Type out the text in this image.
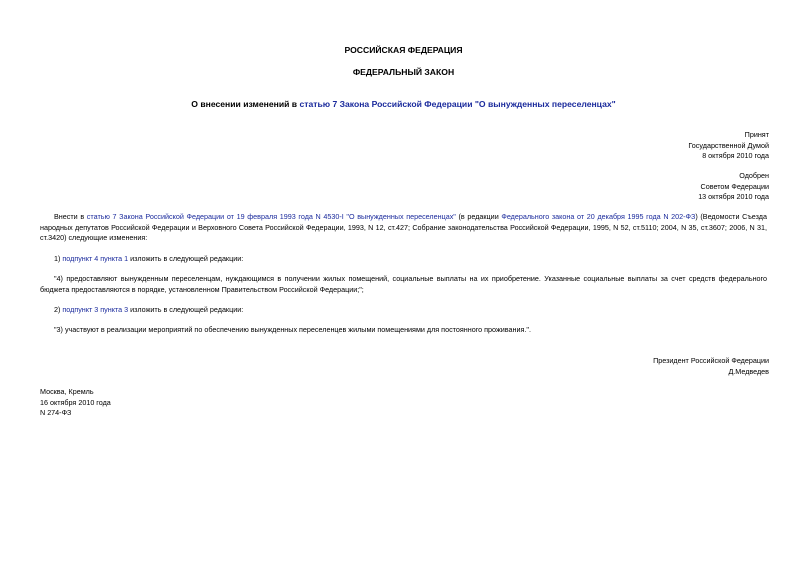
РОССИЙСКАЯ ФЕДЕРАЦИЯ
ФЕДЕРАЛЬНЫЙ ЗАКОН
О внесении изменений в статью 7 Закона Российской Федерации "О вынужденных переселенцах"
Принят
Государственной Думой
8 октября 2010 года
Одобрен
Советом Федерации
13 октября 2010 года
Внести в статью 7 Закона Российской Федерации от 19 февраля 1993 года N 4530-I "О вынужденных переселенцах" (в редакции Федерального закона от 20 декабря 1995 года N 202-ФЗ) (Ведомости Съезда народных депутатов Российской Федерации и Верховного Совета Российской Федерации, 1993, N 12, ст.427; Собрание законодательства Российской Федерации, 1995, N 52, ст.5110; 2004, N 35, ст.3607; 2006, N 31, ст.3420) следующие изменения:
1) подпункт 4 пункта 1 изложить в следующей редакции:
"4) предоставляют вынужденным переселенцам, нуждающимся в получении жилых помещений, социальные выплаты на их приобретение. Указанные социальные выплаты за счет средств федерального бюджета предоставляются в порядке, установленном Правительством Российской Федерации;";
2) подпункт 3 пункта 3 изложить в следующей редакции:
"3) участвуют в реализации мероприятий по обеспечению вынужденных переселенцев жилыми помещениями для постоянного проживания.".
Президент Российской Федерации
Д.Медведев
Москва, Кремль
16 октября 2010 года
N 274-ФЗ
